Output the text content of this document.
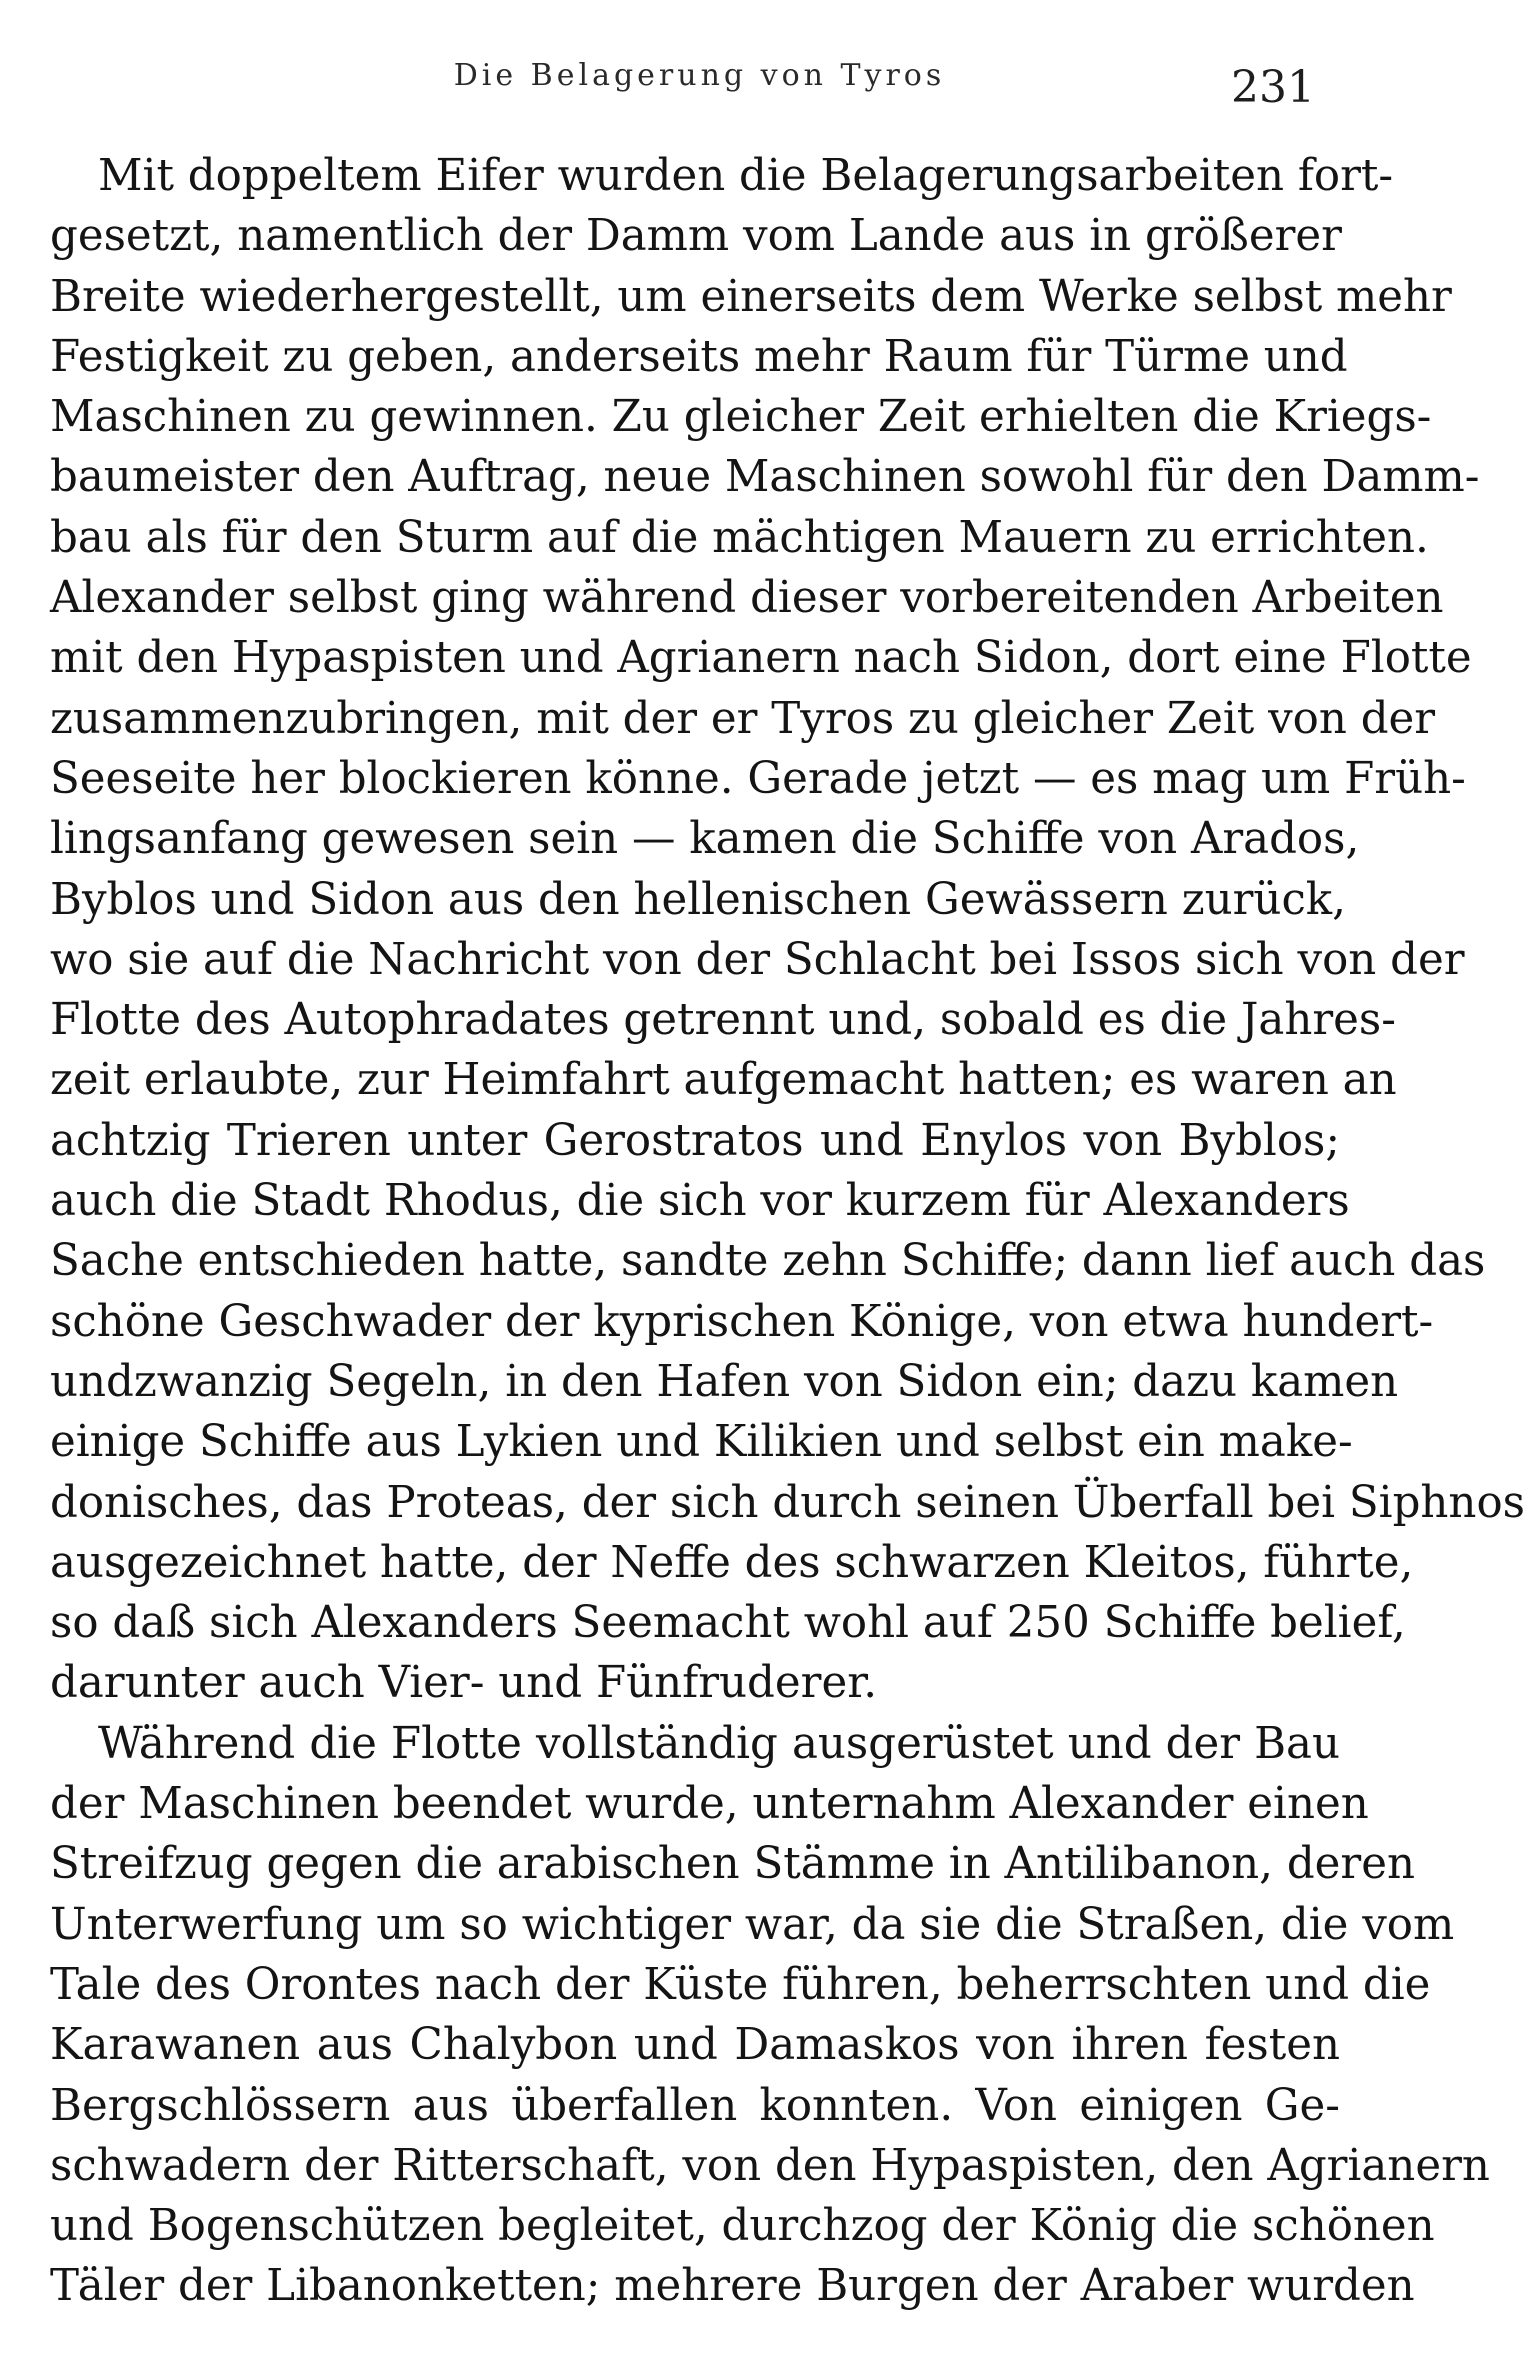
Die Belagerung von Tyros	231
Mit doppeltem Eifer wurden die Belagerungsarbeiten fort-
gesetzt, namentlich der Damm vom Lande aus in größerer
Breite wiederhergestellt, um einerseits dem Werke selbst mehr
Festigkeit zu geben, anderseits mehr Raum für Türme und
Maschinen zu gewinnen. Zu gleicher Zeit erhielten die Kriegs-
baumeister den Auftrag, neue Maschinen sowohl für den Damm-
bau als für den Sturm auf die mächtigen Mauern zu errichten.
Alexander selbst ging während dieser vorbereitenden Arbeiten
mit den Hypaspisten und Agrianern nach Sidon, dort eine Flotte
zusammenzubringen, mit der er Tyros zu gleicher Zeit von der
Seeseite her blockieren könne. Gerade jetzt — es mag um Früh-
lingsanfang gewesen sein — kamen die Schiffe von Arados,
Byblos und Sidon aus den hellenischen Gewässern zurück,
wo sie auf die Nachricht von der Schlacht bei Issos sich von der
Flotte des Autophradates getrennt und, sobald es die Jahres-
zeit erlaubte, zur Heimfahrt aufgemacht hatten; es waren an
achtzig Trieren unter Gerostratos und Enylos von Byblos;
auch die Stadt Rhodus, die sich vor kurzem für Alexanders
Sache entschieden hatte, sandte zehn Schiffe; dann lief auch das
schöne Geschwader der kyprischen Könige, von etwa hundert-
undzwanzig Segeln, in den Hafen von Sidon ein; dazu kamen
einige Schiffe aus Lykien und Kilikien und selbst ein make-
donisches, das Proteas, der sich durch seinen Überfall bei Siphnos
ausgezeichnet hatte, der Neffe des schwarzen Kleitos, führte,
so daß sich Alexanders Seemacht wohl auf 250 Schiffe belief,
darunter auch Vier- und Fünfruderer.
Während die Flotte vollständig ausgerüstet und der Bau
der Maschinen beendet wurde, unternahm Alexander einen
Streifzug gegen die arabischen Stämme in Antilibanon, deren
Unterwerfung um so wichtiger war, da sie die Straßen, die vom
Tale des Orontes nach der Küste führen, beherrschten und die
Karawanen aus Chalybon und Damaskos von ihren festen
Bergschlössern aus überfallen konnten. Von einigen Ge-
schwadern der Ritterschaft, von den Hypaspisten, den Agrianern
und Bogenschützen begleitet, durchzog der König die schönen
Täler der Libanonketten; mehrere Burgen der Araber wurden
